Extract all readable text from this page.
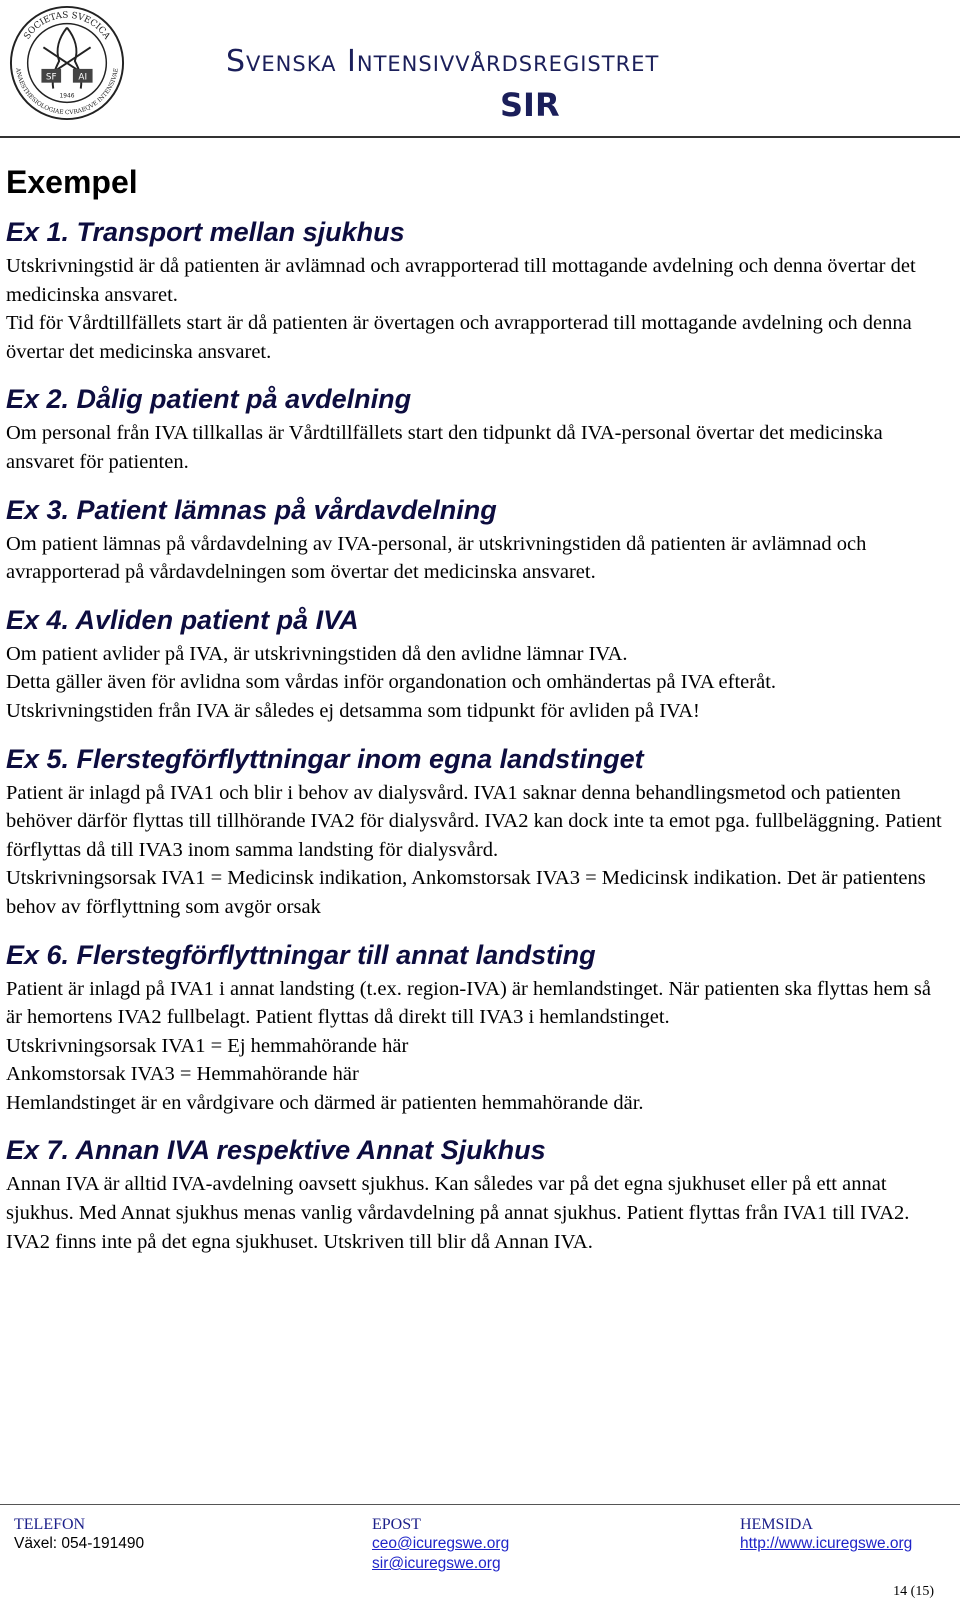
SOCIETAS SVECICA
ANAESTHESIOLOGIAE CVRAEQVE INTENSIVAE
SF AI
1946
Svenska Intensivvårdsregistret
SIR
Exempel
Ex 1. Transport mellan sjukhus

Utskrivningstid är då patienten är avlämnad och avrapporterad till mottagande avdelning och denna övertar det medicinska ansvaret.

Tid för Vårdtillfällets start är då patienten är övertagen och avrapporterad till mottagande avdelning och denna övertar det medicinska ansvaret.

Ex 2. Dålig patient på avdelning

Om personal från IVA tillkallas är Vårdtillfällets start den tidpunkt då IVA-personal övertar det medicinska ansvaret för patienten.

Ex 3. Patient lämnas på vårdavdelning

Om patient lämnas på vårdavdelning av IVA-personal, är utskrivningstiden då patienten är avlämnad och avrapporterad på vårdavdelningen som övertar det medicinska ansvaret.

Ex 4. Avliden patient på IVA

Om patient avlider på IVA, är utskrivningstiden då den avlidne lämnar IVA.

Detta gäller även för avlidna som vårdas inför organdonation och omhändertas på IVA efteråt.

Utskrivningstiden från IVA är således ej detsamma som tidpunkt för avliden på IVA!

Ex 5. Flerstegförflyttningar inom egna landstinget

Patient är inlagd på IVA1 och blir i behov av dialysvård. IVA1 saknar denna behandlingsmetod och patienten behöver därför flyttas till tillhörande IVA2 för dialysvård. IVA2 kan dock inte ta emot pga. fullbeläggning. Patient förflyttas då till IVA3 inom samma landsting för dialysvård.

Utskrivningsorsak IVA1 = Medicinsk indikation, Ankomstorsak IVA3 = Medicinsk indikation. Det är patientens behov av förflyttning som avgör orsak

Ex 6. Flerstegförflyttningar till annat landsting

Patient är inlagd på IVA1 i annat landsting (t.ex. region-IVA) är hemlandstinget. När patienten ska flyttas hem så är hemortens IVA2 fullbelagt. Patient flyttas då direkt till IVA3 i hemlandstinget.

Utskrivningsorsak IVA1 = Ej hemmahörande här

Ankomstorsak IVA3 = Hemmahörande här

Hemlandstinget är en vårdgivare och därmed är patienten hemmahörande där.

Ex 7. Annan IVA respektive Annat Sjukhus

Annan IVA är alltid IVA-avdelning oavsett sjukhus. Kan således var på det egna sjukhuset eller på ett annat sjukhus. Med Annat sjukhus menas vanlig vårdavdelning på annat sjukhus. Patient flyttas från IVA1 till IVA2. IVA2 finns inte på det egna sjukhuset. Utskriven till blir då Annan IVA.

TELEFON
Växel: 054-191490
EPOST
ceo@icuregswe.org
sir@icuregswe.org
HEMSIDA
http://www.icuregswe.org
14 (15)
